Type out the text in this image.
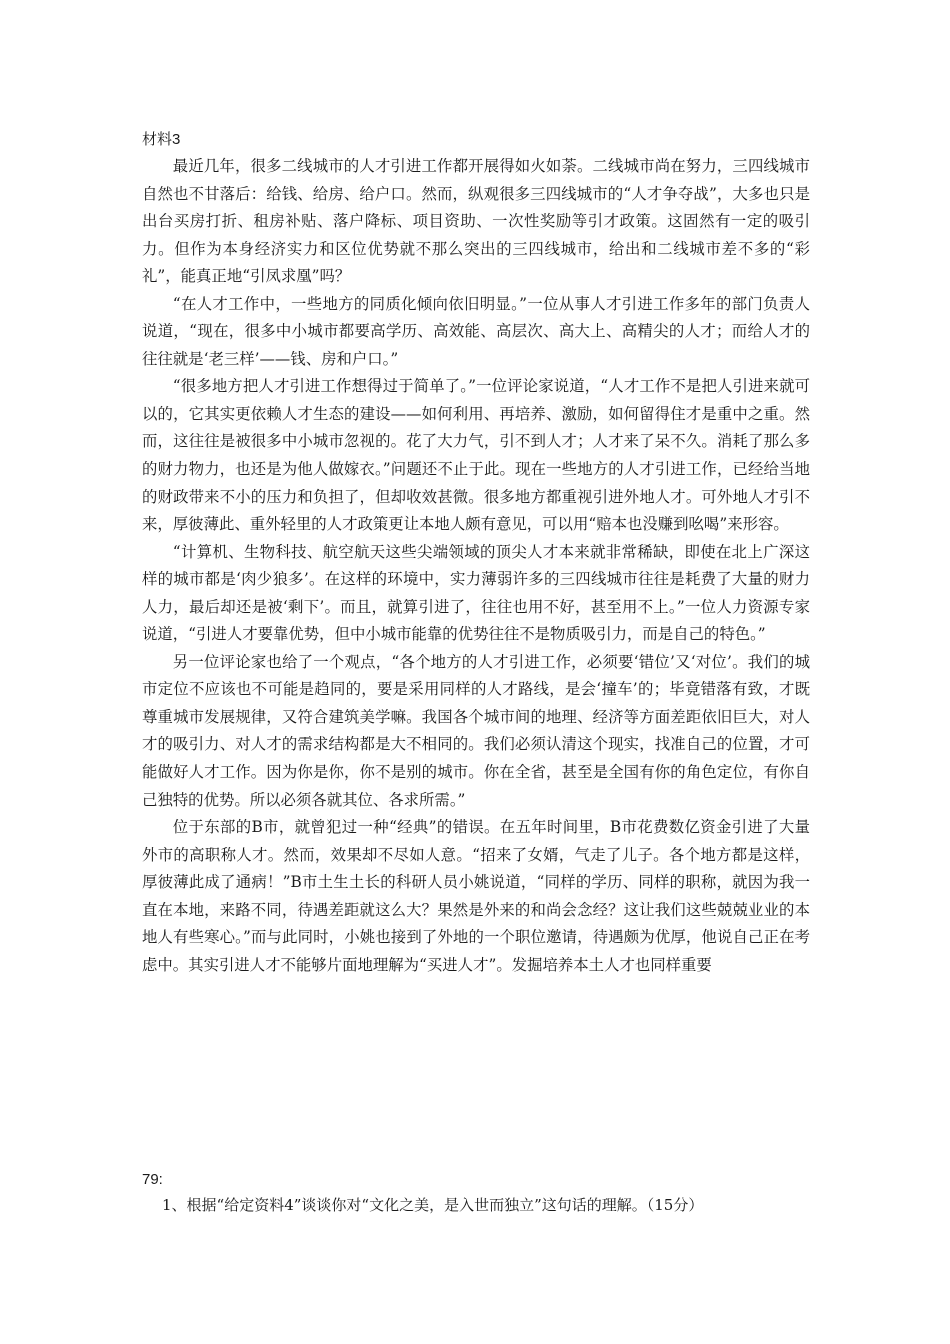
材料3

最近几年，很多二线城市的人才引进工作都开展得如火如荼。二线城市尚在努力，三四线城市自然也不甘落后：给钱、给房、给户口。然而，纵观很多三四线城市的“人才争夺战”，大多也只是出台买房打折、租房补贴、落户降标、项目资助、一次性奖励等引才政策。这固然有一定的吸引力。但作为本身经济实力和区位优势就不那么突出的三四线城市，给出和二线城市差不多的“彩礼”，能真正地“引凤求凰”吗？

“在人才工作中，一些地方的同质化倾向依旧明显。”一位从事人才引进工作多年的部门负责人说道，“现在，很多中小城市都要高学历、高效能、高层次、高大上、高精尖的人才；而给人才的往往就是‘老三样’——钱、房和户口。”

“很多地方把人才引进工作想得过于简单了。”一位评论家说道，“人才工作不是把人引进来就可以的，它其实更依赖人才生态的建设——如何利用、再培养、激励，如何留得住才是重中之重。然而，这往往是被很多中小城市忽视的。花了大力气，引不到人才；人才来了呆不久。消耗了那么多的财力物力，也还是为他人做嫁衣。”问题还不止于此。现在一些地方的人才引进工作，已经给当地的财政带来不小的压力和负担了，但却收效甚微。很多地方都重视引进外地人才。可外地人才引不来，厚彼薄此、重外轻里的人才政策更让本地人颇有意见，可以用“赔本也没赚到吆喝”来形容。

“计算机、生物科技、航空航天这些尖端领域的顶尖人才本来就非常稀缺，即使在北上广深这样的城市都是‘肉少狼多’。在这样的环境中，实力薄弱许多的三四线城市往往是耗费了大量的财力人力，最后却还是被‘剩下’。而且，就算引进了，往往也用不好，甚至用不上。”一位人力资源专家说道，“引进人才要靠优势，但中小城市能靠的优势往往不是物质吸引力，而是自己的特色。”

另一位评论家也给了一个观点，“各个地方的人才引进工作，必须要‘错位’又‘对位’。我们的城市定位不应该也不可能是趋同的，要是采用同样的人才路线，是会‘撞车’的；毕竟错落有致，才既尊重城市发展规律，又符合建筑美学嘛。我国各个城市间的地理、经济等方面差距依旧巨大，对人才的吸引力、对人才的需求结构都是大不相同的。我们必须认清这个现实，找准自己的位置，才可能做好人才工作。因为你是你，你不是别的城市。你在全省，甚至是全国有你的角色定位，有你自己独特的优势。所以必须各就其位、各求所需。”

位于东部的B市，就曾犯过一种“经典”的错误。在五年时间里，B市花费数亿资金引进了大量外市的高职称人才。然而，效果却不尽如人意。“招来了女婿，气走了儿子。各个地方都是这样，厚彼薄此成了通病！”B市土生土长的科研人员小姚说道，“同样的学历、同样的职称，就因为我一直在本地，来路不同，待遇差距就这么大？果然是外来的和尚会念经？这让我们这些兢兢业业的本地人有些寒心。”而与此同时，小姚也接到了外地的一个职位邀请，待遇颇为优厚，他说自己正在考虑中。其实引进人才不能够片面地理解为“买进人才”。发掘培养本土人才也同样重要

79:

1、根据“给定资料4”谈谈你对“文化之美，是入世而独立”这句话的理解。（15分）
